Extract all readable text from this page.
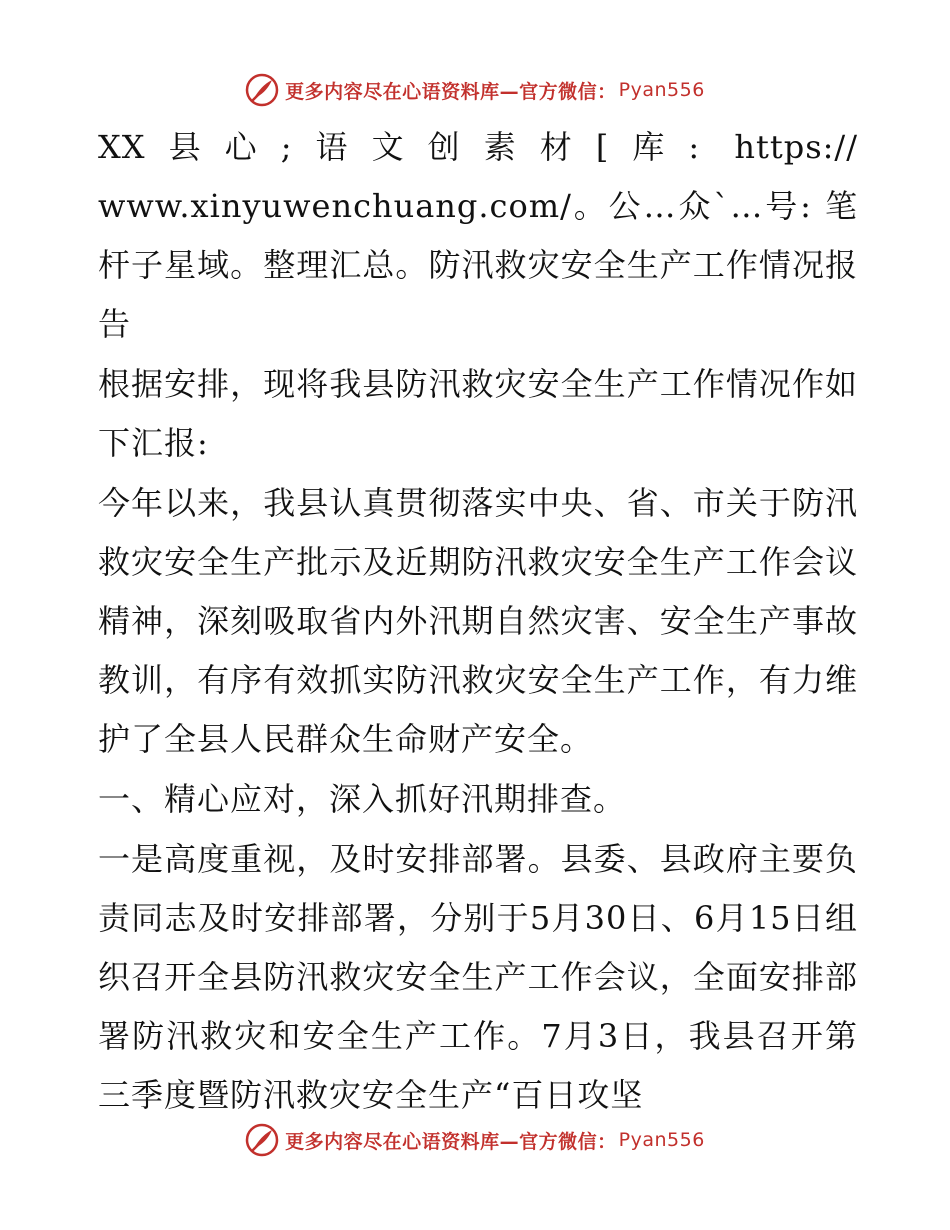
更多内容尽在心语资料库—官方微信： Pyan556

XX县心;语文创素材[库: https:// www.xinyuwenchuang.com/。公…众`…号: 笔杆子星域。整理汇总。防汛救灾安全生产工作情况报告

根据安排，现将我县防汛救灾安全生产工作情况作如下汇报:

今年以来，我县认真贯彻落实中央、省、市关于防汛救灾安全生产批示及近期防汛救灾安全生产工作会议精神，深刻吸取省内外汛期自然灾害、安全生产事故教训，有序有效抓实防汛救灾安全生产工作，有力维护了全县人民群众生命财产安全。

一、精心应对，深入抓好汛期排查。

一是高度重视，及时安排部署。县委、县政府主要负责同志及时安排部署，分别于5月30日、6月15日组织召开全县防汛救灾安全生产工作会议，全面安排部署防汛救灾和安全生产工作。7月3日，我县召开第三季度暨防汛救灾安全生产“百日攻坚

更多内容尽在心语资料库—官方微信： Pyan556
